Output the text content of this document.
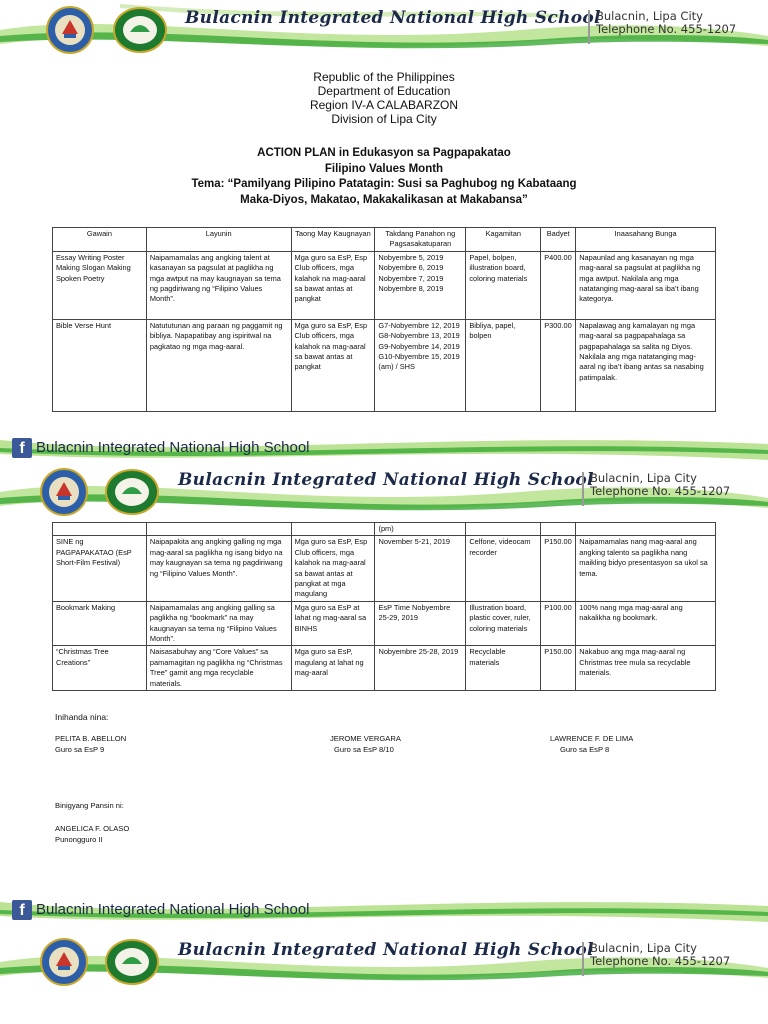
Bulacnin Integrated National High School
Bulacnin, Lipa City
Telephone No. 455-1207
Republic of the Philippines
Department of Education
Region IV-A CALABARZON
Division of Lipa City
ACTION PLAN in Edukasyon sa Pagpapakatao
Filipino Values Month
Tema: “Pamilyang Pilipino Patatagin: Susi sa Paghubog ng Kabataang
Maka-Diyos, Makatao, Makakalikasan at Makabansa”
Gawain	Layunin	Taong May Kaugnayan	Takdang Panahon ng Pagsasakatuparan	Kagamitan	Badyet	Inaasahang Bunga
Essay Writing Poster Making Slogan Making Spoken Poetry	Naipamamalas ang angking talent at kasanayan sa pagsulat at paglikha ng mga awtput na may kaugnayan sa tema ng pagdiriwang ng “Filipino Values Month”.	Mga guro sa EsP, Esp Club officers, mga kalahok na mag-aaral sa bawat antas at pangkat	Nobyembre 5, 2019 Nobyembre 6, 2019 Nobyembre 7, 2019 Nobyembre 8, 2019	Papel, bolpen, illustration board, coloring materials	P400.00	Napaunlad ang kasanayan ng mga mag-aaral sa pagsulat at paglikha ng mga awtput. Nakilala ang mga natatanging mag-aaral sa iba’t ibang kategorya.
Bible Verse Hunt	Natututunan ang paraan ng paggamit ng bibliya. Napapatibay ang ispiritwal na pagkatao ng mga mag-aaral.	Mga guro sa EsP, Esp Club officers, mga kalahok na mag-aaral sa bawat antas at pangkat	G7-Nobyembre 12, 2019 G8-Nobyembre 13, 2019 G9-Nobyembre 14, 2019 G10-Nbyembre 15, 2019 (am) / SHS	Bibliya, papel, bolpen	P300.00	Napalawag ang kamalayan ng mga mag-aaral sa pagpapahalaga sa pagpapahalaga sa salita ng Diyos. Nakilala ang mga natatanging mag-aaral ng iba’t ibang antas sa nasabing patimpalak.
f Bulacnin Integrated National High School
Bulacnin Integrated National High School
Bulacnin, Lipa City
Telephone No. 455-1207
			(pm)			
SINE ng PAGPAPAKATAO (EsP Short-Film Festival)	Naipapakita ang angking galling ng mga mag-aaral sa paglikha ng isang bidyo na may kaugnayan sa tema ng pagdiriwang ng “Filipino Values Month”.	Mga guro sa EsP, Esp Club officers, mga kalahok na mag-aaral sa bawat antas at pangkat at mga magulang	November 5-21, 2019	Celfone, videocam recorder	P150.00	Naipamamalas nang mag-aaral ang angking talento sa paglikha nang maikling bidyo presentasyon sa ukol sa tema.
Bookmark Making	Naipamamalas ang angking galling sa paglikha ng “bookmark” na may kaugnayan sa tema ng “Filipino Values Month”.	Mga guro sa EsP at lahat ng mag-aaral sa BINHS	EsP Time Nobyembre 25-29, 2019	Illustration board, plastic cover, ruler, coloring materials	P100.00	100% nang mga mag-aaral ang nakalikha ng bookmark.
“Christmas Tree Creations”	Naisasabuhay ang “Core Values” sa pamamagitan ng paglikha ng “Christmas Tree” gamit ang mga recyclable materials.	Mga guro sa EsP, magulang at lahat ng mag-aaral	Nobyembre 25-28, 2019	Recyclable materials	P150.00	Nakabuo ang mga mag-aaral ng Christmas tree mula sa recyclable materials.
Inihanda nina:
PELITA B. ABELLON
Guro sa EsP 9
JEROME VERGARA
Guro sa EsP 8/10
LAWRENCE F. DE LIMA
Guro sa EsP 8
Binigyang Pansin ni:
ANGELICA F. OLASO
Punongguro II
f Bulacnin Integrated National High School
Bulacnin Integrated National High School
Bulacnin, Lipa City
Telephone No. 455-1207
